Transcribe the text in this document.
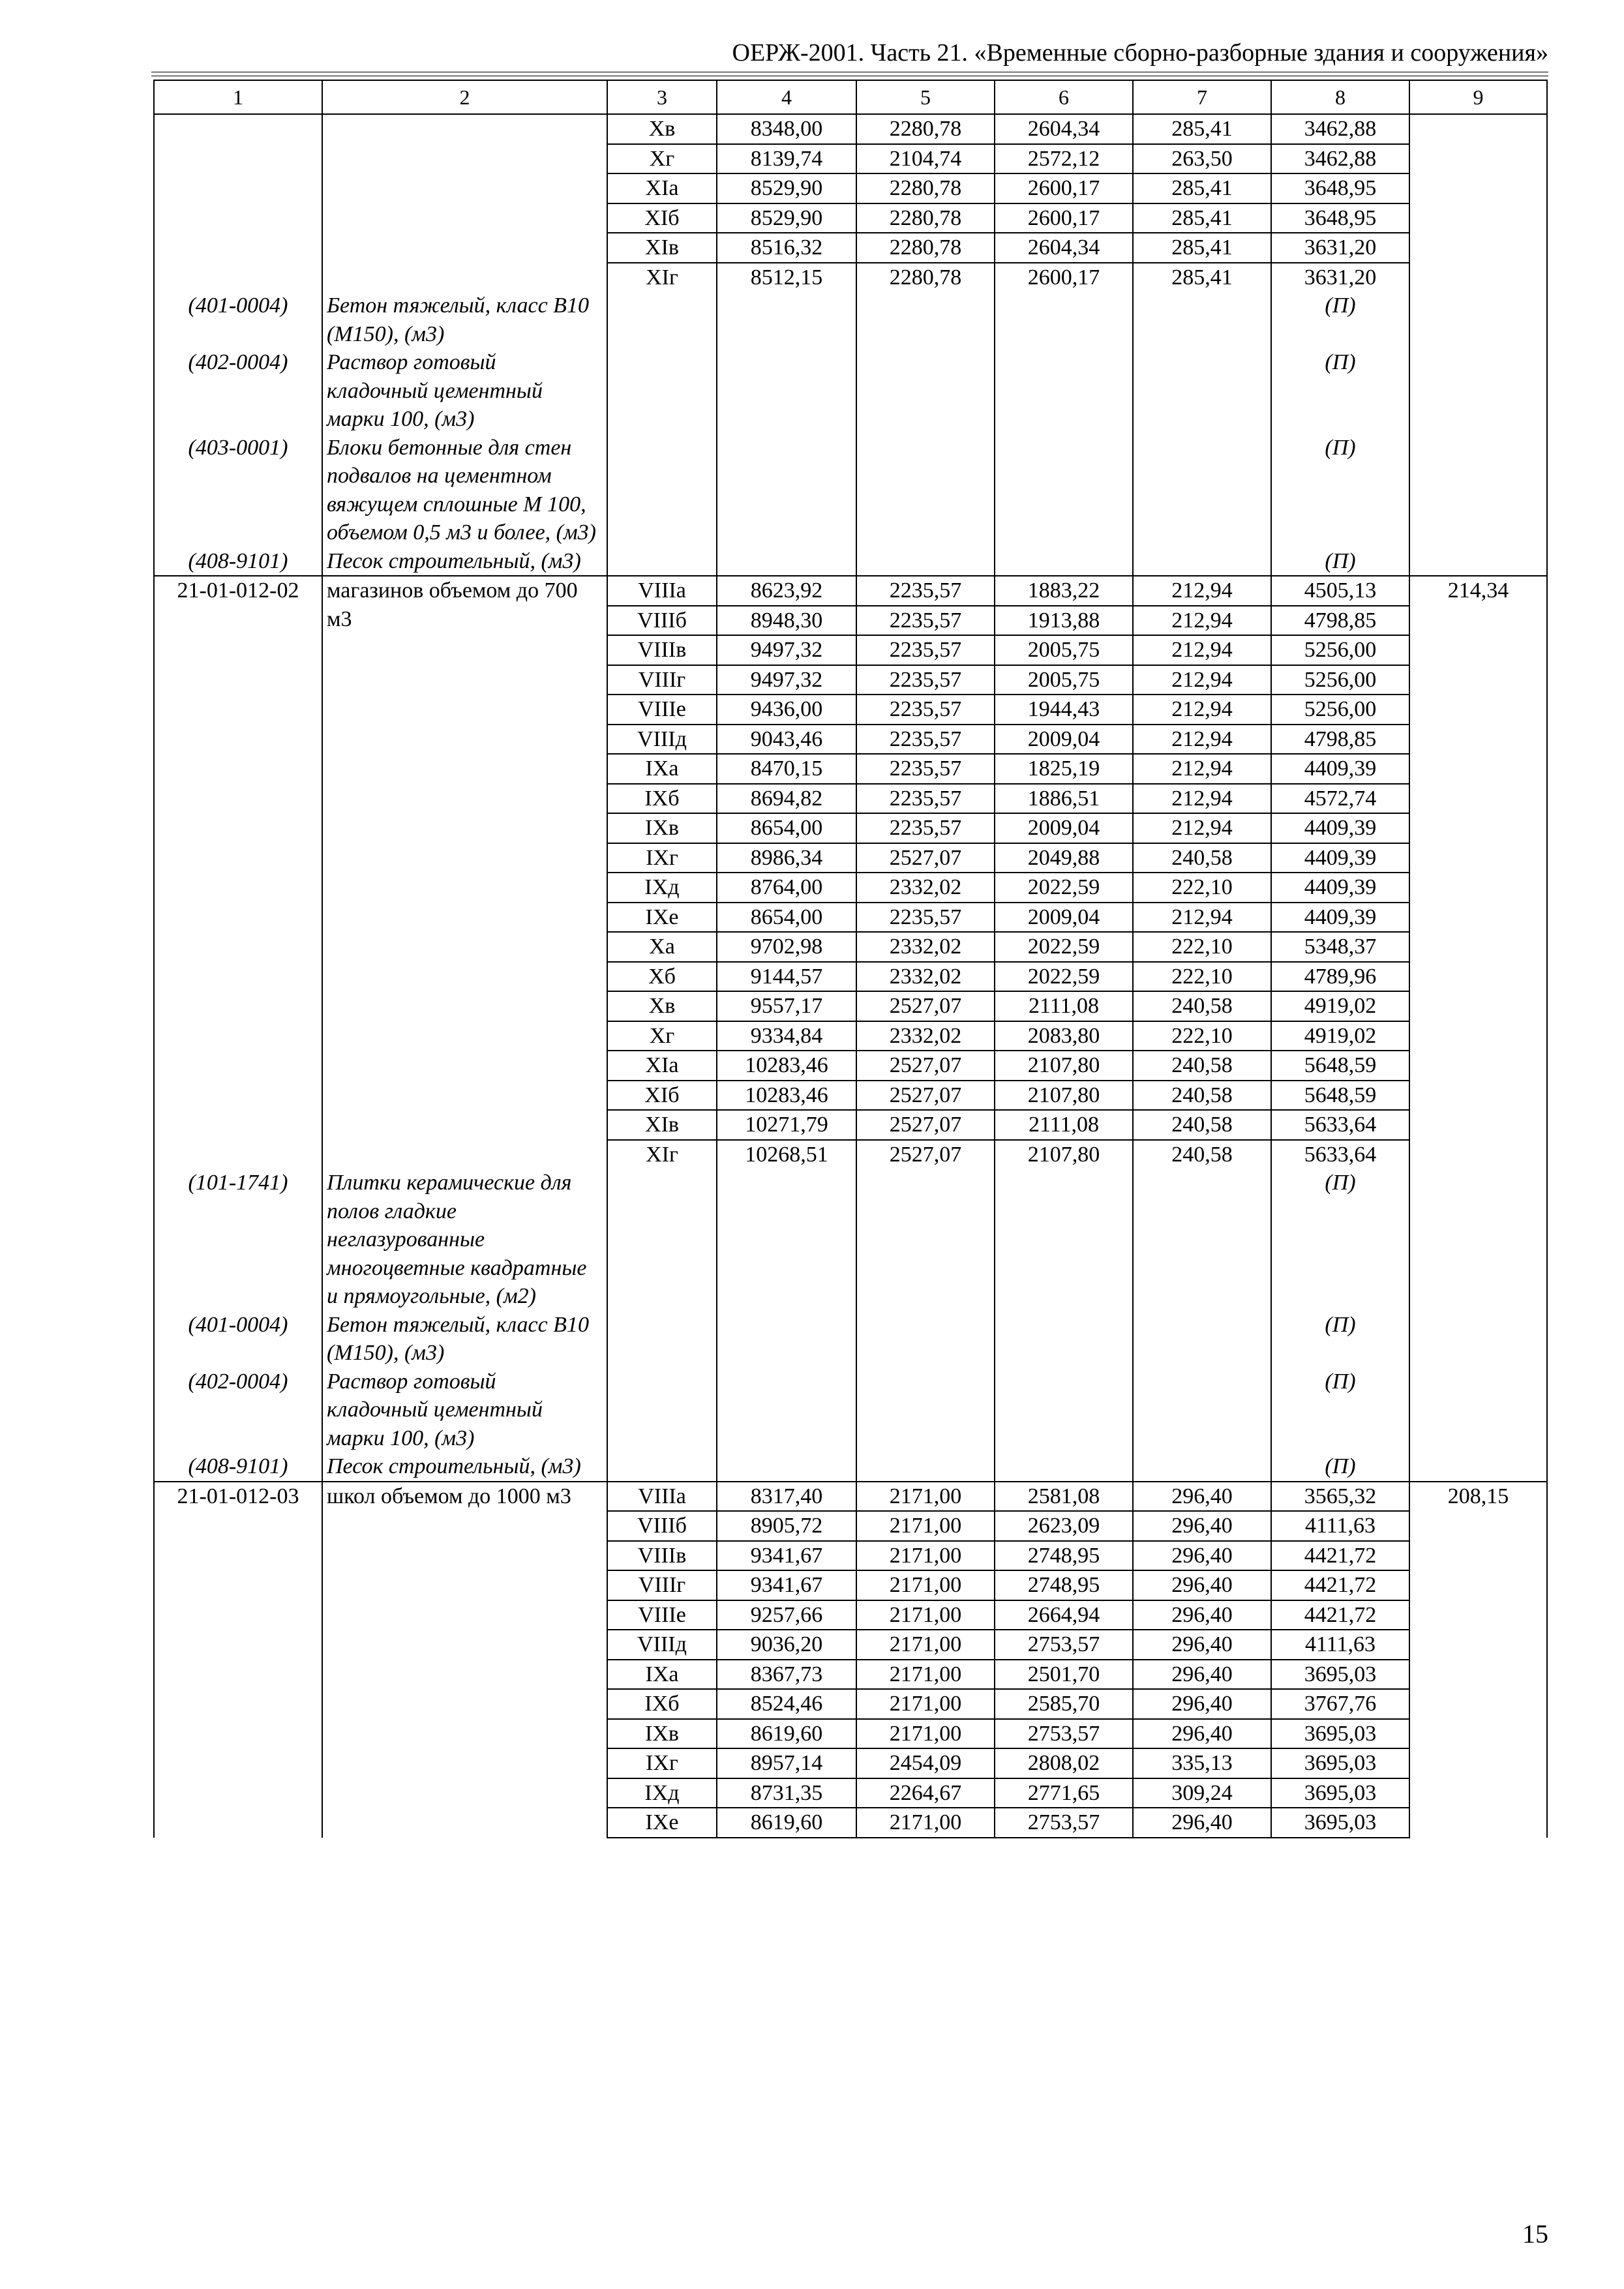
ОЕРЖ-2001. Часть 21. «Временные сборно-разборные здания и сооружения»
1	2	3	4	5	6	7	8	9
		Хв	8348,00	2280,78	2604,34	285,41	3462,88	
		Хг	8139,74	2104,74	2572,12	263,50	3462,88	
		ХIа	8529,90	2280,78	2600,17	285,41	3648,95	
		ХIб	8529,90	2280,78	2600,17	285,41	3648,95	
		ХIв	8516,32	2280,78	2604,34	285,41	3631,20	
		ХIг	8512,15	2280,78	2600,17	285,41	3631,20	
(401-0004)	Бетон тяжелый, класс В10 (М150), (м3)						(П)	
(402-0004)	Раствор готовый кладочный цементный марки 100, (м3)						(П)	
(403-0001)	Блоки бетонные для стен подвалов на цементном вяжущем сплошные М 100, объемом 0,5 м3 и более, (м3)						(П)	
(408-9101)	Песок строительный, (м3)						(П)	
21-01-012-02	магазинов объемом до 700 м3	VIIIа	8623,92	2235,57	1883,22	212,94	4505,13	214,34
		VIIIб	8948,30	2235,57	1913,88	212,94	4798,85	
		VIIIв	9497,32	2235,57	2005,75	212,94	5256,00	
		VIIIг	9497,32	2235,57	2005,75	212,94	5256,00	
		VIIIе	9436,00	2235,57	1944,43	212,94	5256,00	
		VIIIд	9043,46	2235,57	2009,04	212,94	4798,85	
		IХа	8470,15	2235,57	1825,19	212,94	4409,39	
		IХб	8694,82	2235,57	1886,51	212,94	4572,74	
		IХв	8654,00	2235,57	2009,04	212,94	4409,39	
		IХг	8986,34	2527,07	2049,88	240,58	4409,39	
		IХд	8764,00	2332,02	2022,59	222,10	4409,39	
		IХе	8654,00	2235,57	2009,04	212,94	4409,39	
		Ха	9702,98	2332,02	2022,59	222,10	5348,37	
		Хб	9144,57	2332,02	2022,59	222,10	4789,96	
		Хв	9557,17	2527,07	2111,08	240,58	4919,02	
		Хг	9334,84	2332,02	2083,80	222,10	4919,02	
		ХIа	10283,46	2527,07	2107,80	240,58	5648,59	
		ХIб	10283,46	2527,07	2107,80	240,58	5648,59	
		ХIв	10271,79	2527,07	2111,08	240,58	5633,64	
		ХIг	10268,51	2527,07	2107,80	240,58	5633,64	
(101-1741)	Плитки керамические для полов гладкие неглазурованные многоцветные квадратные и прямоугольные, (м2)						(П)	
(401-0004)	Бетон тяжелый, класс В10 (М150), (м3)						(П)	
(402-0004)	Раствор готовый кладочный цементный марки 100, (м3)						(П)	
(408-9101)	Песок строительный, (м3)						(П)	
21-01-012-03	школ объемом до 1000 м3	VIIIа	8317,40	2171,00	2581,08	296,40	3565,32	208,15
		VIIIб	8905,72	2171,00	2623,09	296,40	4111,63	
		VIIIв	9341,67	2171,00	2748,95	296,40	4421,72	
		VIIIг	9341,67	2171,00	2748,95	296,40	4421,72	
		VIIIе	9257,66	2171,00	2664,94	296,40	4421,72	
		VIIIд	9036,20	2171,00	2753,57	296,40	4111,63	
		IХа	8367,73	2171,00	2501,70	296,40	3695,03	
		IХб	8524,46	2171,00	2585,70	296,40	3767,76	
		IХв	8619,60	2171,00	2753,57	296,40	3695,03	
		IХг	8957,14	2454,09	2808,02	335,13	3695,03	
		IХд	8731,35	2264,67	2771,65	309,24	3695,03	
		IХе	8619,60	2171,00	2753,57	296,40	3695,03	
15
